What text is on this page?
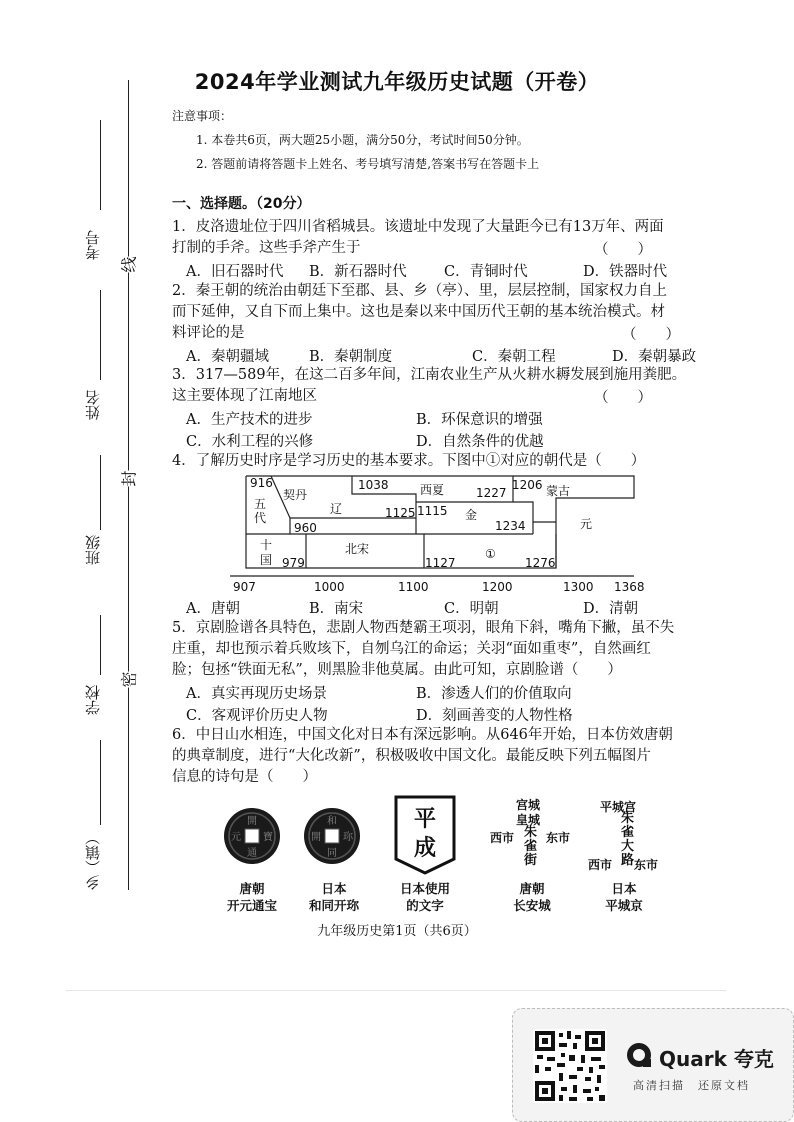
考号
姓名
班级
学校
乡（镇）
线
封
密
2024年学业测试九年级历史试题（开卷）
注意事项：
1. 本卷共6页，两大题25小题，满分50分，考试时间50分钟。
2. 答题前请将答题卡上姓名、考号填写清楚,答案书写在答题卡上
一、选择题。（20分）
1．皮洛遗址位于四川省稻城县。该遗址中发现了大量距今已有13万年、两面
打制的手斧。这些手斧产生于	（　　）
A．旧石器时代 B．新石器时代	C．青铜时代	D．铁器时代
2．秦王朝的统治由朝廷下至郡、县、乡（亭）、里，层层控制，国家权力自上
而下延伸，又自下而上集中。这也是秦以来中国历代王朝的基本统治模式。材
料评论的是	（　　）
A．秦朝疆域	B．秦朝制度	C．秦朝工程	D．秦朝暴政
3．317—589年，在这二百多年间，江南农业生产从火耕水耨发展到施用粪肥。
这主要体现了江南地区	（　　）
A．生产技术的进步	B．环保意识的增强
C．水利工程的兴修	D．自然条件的优越
4．了解历史时序是学习历史的基本要求。下图中①对应的朝代是（　　）
916
契丹
1038	西夏	1227
1206 蒙古
五
代
辽	1125 1115 金
1234	元
960
十
国 979
北宋	①
1127	1276
907	1000	1100	1200	1300 1368
A．唐朝	B．南宋	C．明朝	D．清朝
5．京剧脸谱各具特色，悲剧人物西楚霸王项羽，眼角下斜，嘴角下撇，虽不失
庄重，却也预示着兵败垓下，自刎乌江的命运；关羽“面如重枣”，自然画红
脸；包拯“铁面无私”，则黑脸非他莫属。由此可知，京剧脸谱（　　）
A．真实再现历史场景	B．渗透人们的价值取向
C．客观评价历史人物	D．刻画善变的人物性格
6．中日山水相连，中国文化对日本有深远影响。从646年开始，日本仿效唐朝
的典章制度，进行“大化改新”，积极吸收中国文化。最能反映下列五幅图片
信息的诗句是（　　）
開
通
元 寶
和
同
開 珎
平
成
宫城
皇城
西市	东市
朱雀街
平城宫
朱雀大路
西市 东市
唐朝
开元通宝
日本
和同开珎
日本使用
的文字
唐朝
长安城
日本
平城京
九年级历史第1页（共6页）
Quark 夸克
高清扫描　还原文档
